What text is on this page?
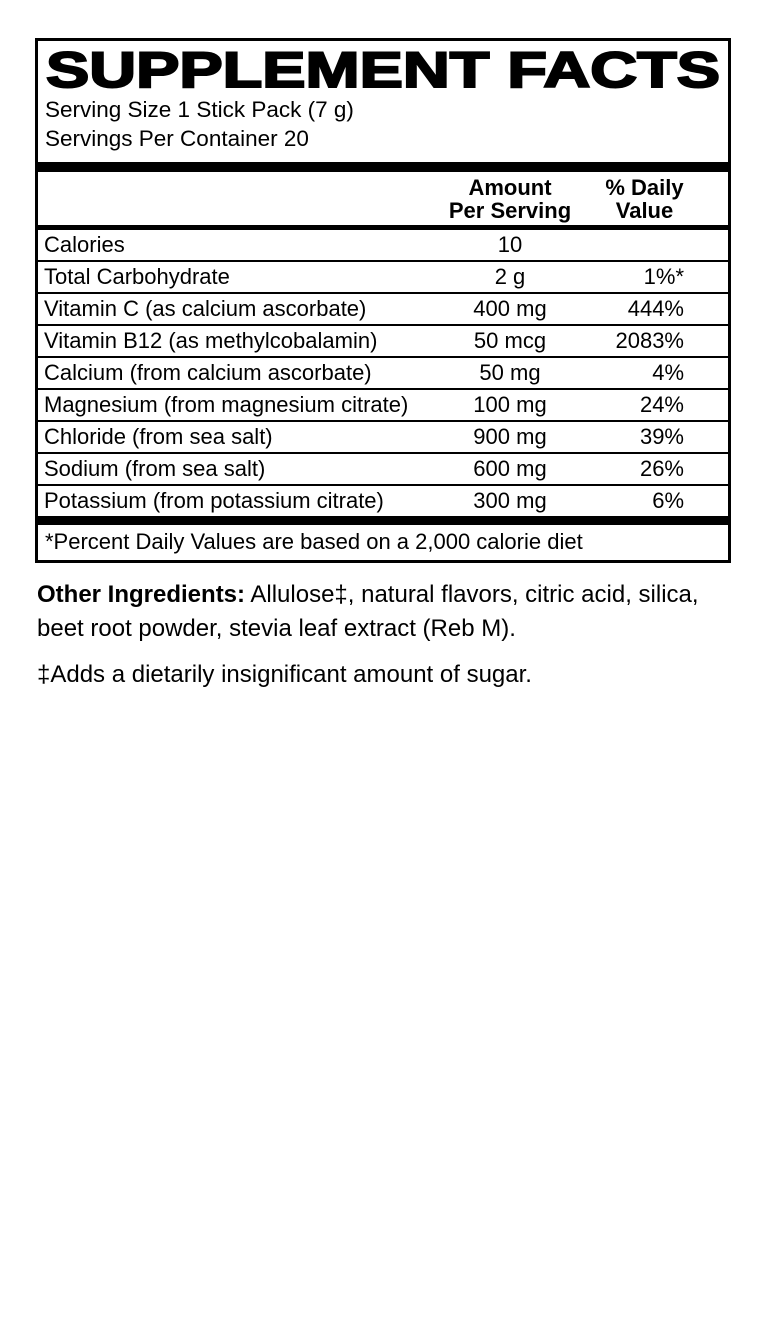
SUPPLEMENT FACTS
Serving Size 1 Stick Pack (7 g)
Servings Per Container 20
Amount
Per Serving
% Daily
Value
Calories	10
Total Carbohydrate	2 g	1%*
Vitamin C (as calcium ascorbate)	400 mg	444%
Vitamin B12 (as methylcobalamin)	50 mcg	2083%
Calcium (from calcium ascorbate)	50 mg	4%
Magnesium (from magnesium citrate)	100 mg	24%
Chloride (from sea salt)	900 mg	39%
Sodium (from sea salt)	600 mg	26%
Potassium (from potassium citrate)	300 mg	6%
*Percent Daily Values are based on a 2,000 calorie diet

Other Ingredients: Allulose‡, natural flavors, citric acid, silica, beet root powder, stevia leaf extract (Reb M).

‡Adds a dietarily insignificant amount of sugar.
